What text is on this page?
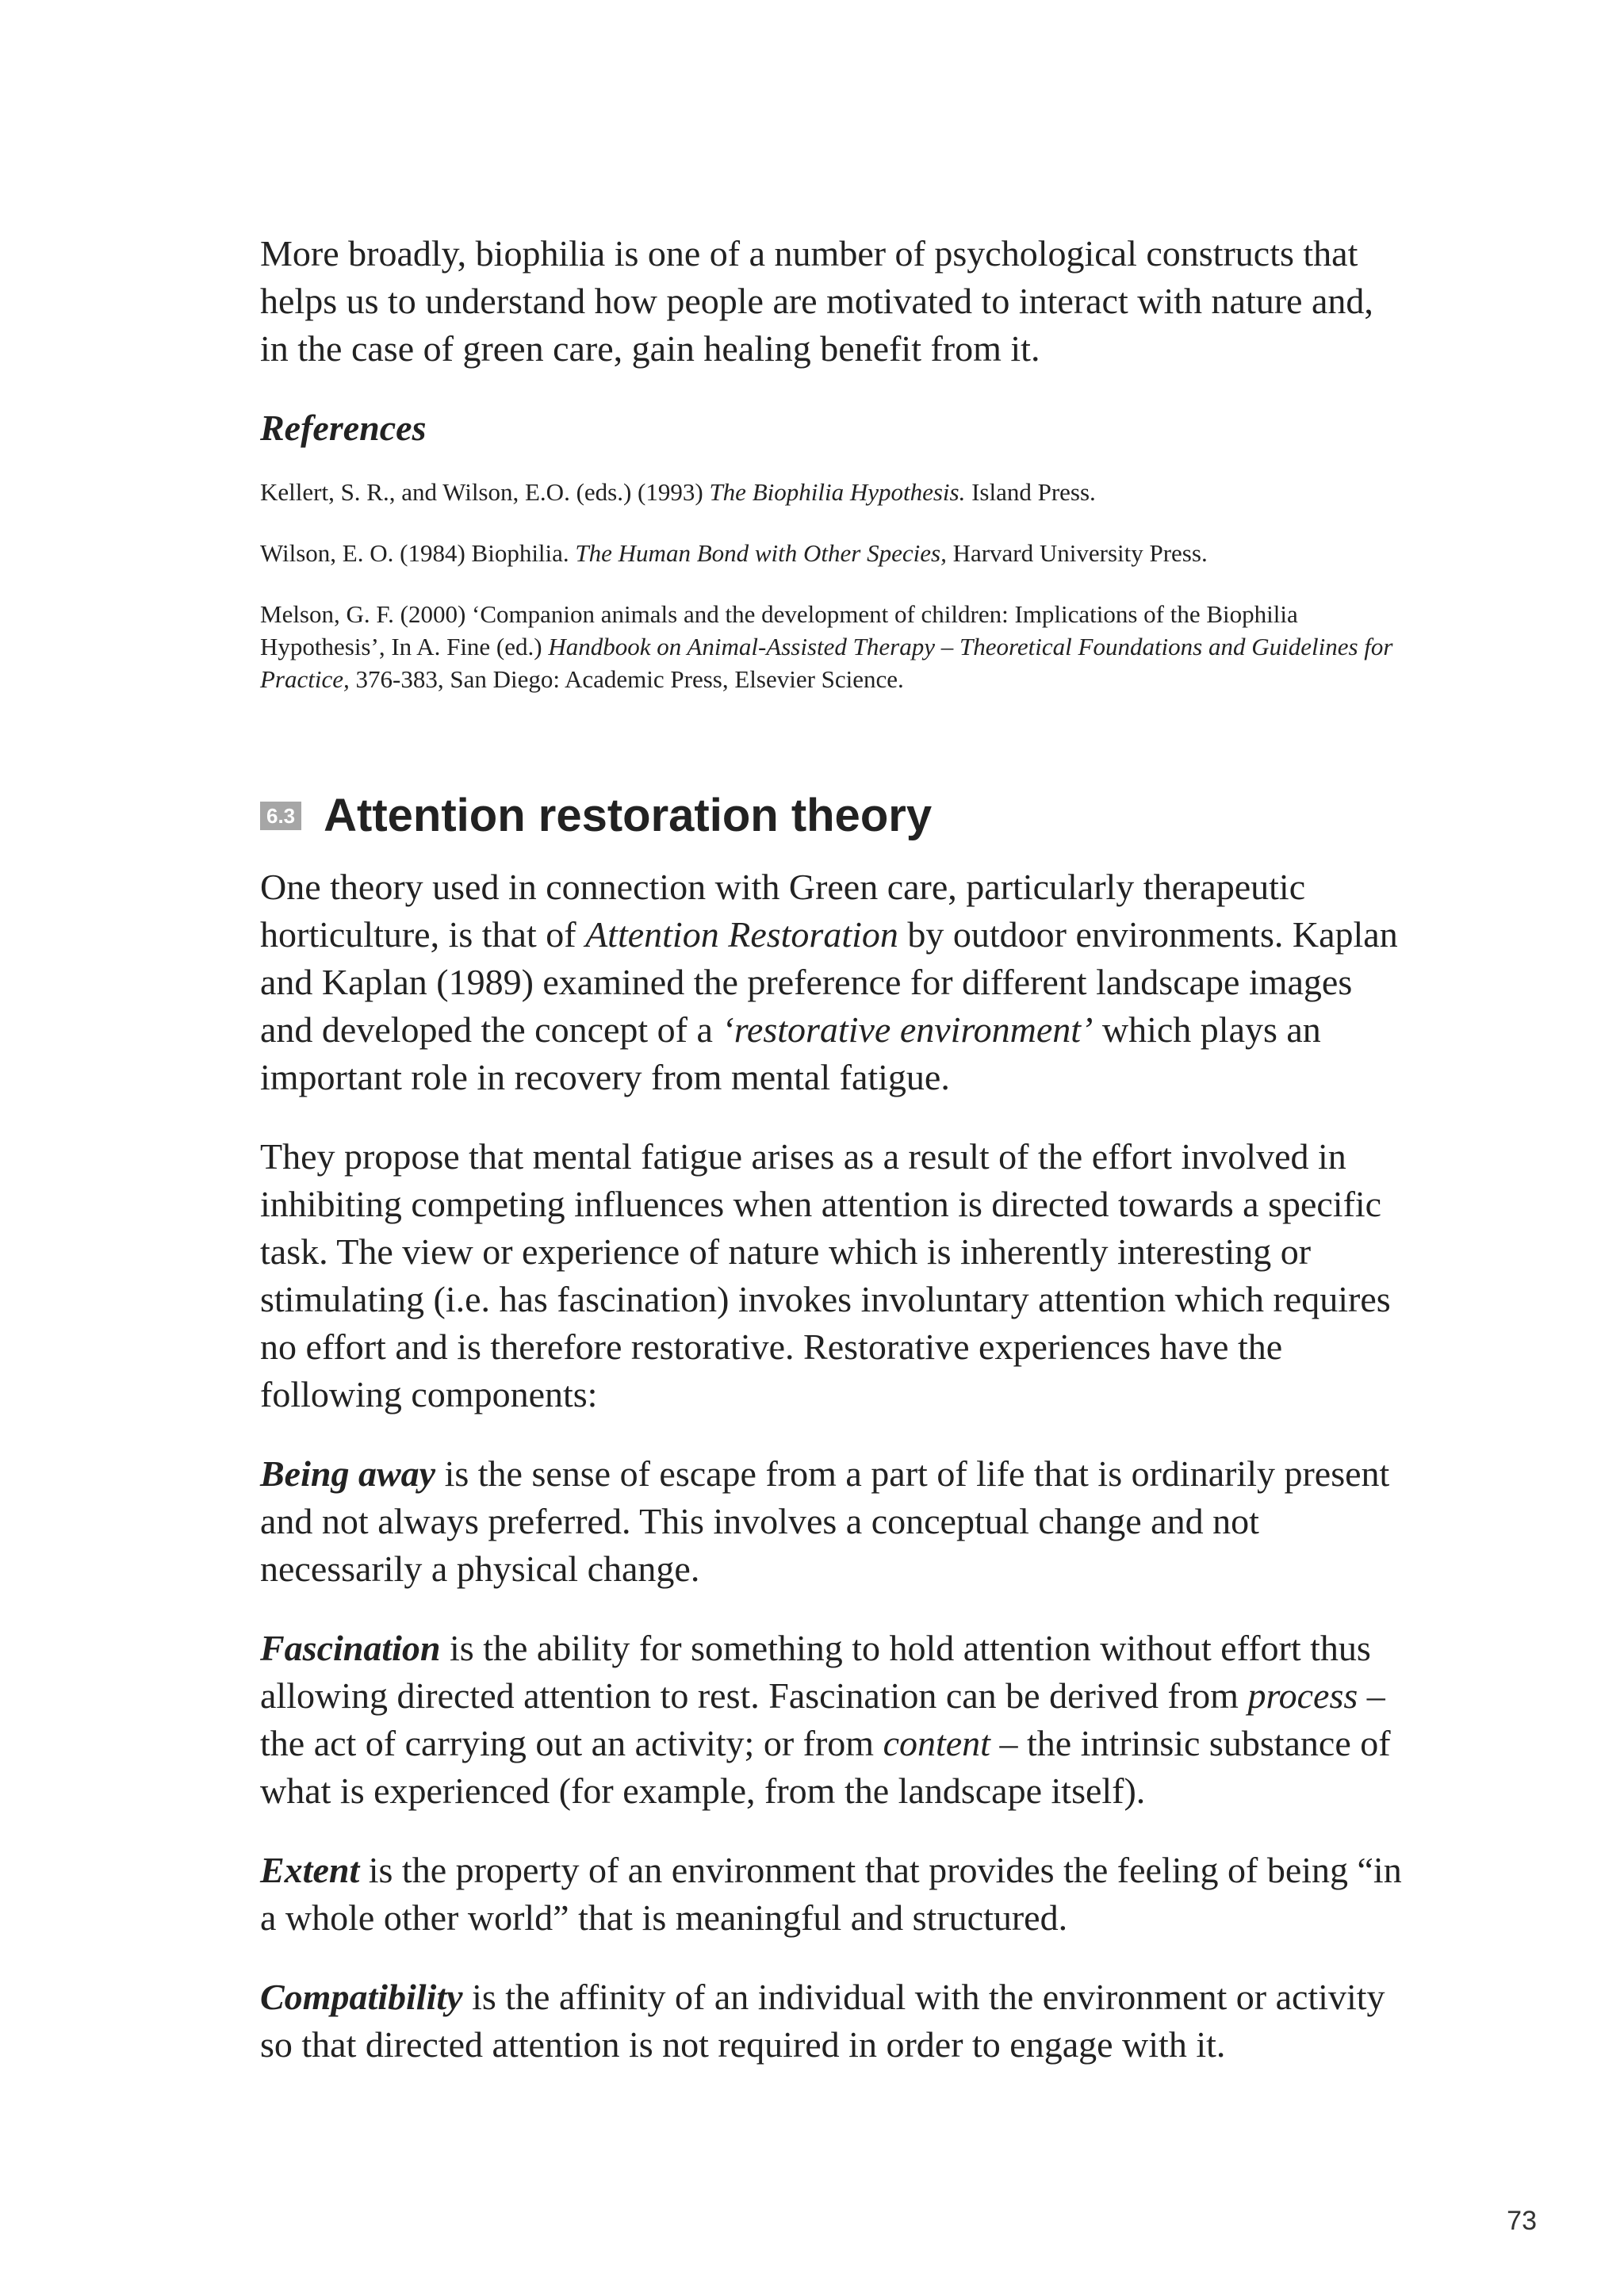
More broadly, biophilia is one of a number of psychological constructs that helps us to understand how people are motivated to interact with nature and, in the case of green care, gain healing benefit from it.

References

Kellert, S. R., and Wilson, E.O. (eds.) (1993) The Biophilia Hypothesis. Island Press.

Wilson, E. O. (1984) Biophilia. The Human Bond with Other Species, Harvard University Press.

Melson, G. F. (2000) ‘Companion animals and the development of children: Implications of the Biophilia Hypothesis’, In A. Fine (ed.) Handbook on Animal-Assisted Therapy – Theoretical Foundations and Guidelines for Practice, 376-383, San Diego: Academic Press, Elsevier Science.

6.3 Attention restoration theory

One theory used in connection with Green care, particularly therapeutic horticulture, is that of Attention Restoration by outdoor environments. Kaplan and Kaplan (1989) examined the preference for different landscape images and developed the concept of a ‘restorative environment’ which plays an important role in recovery from mental fatigue.

They propose that mental fatigue arises as a result of the effort involved in inhibiting competing influences when attention is directed towards a specific task. The view or experience of nature which is inherently interesting or stimulating (i.e. has fascination) invokes involuntary attention which requires no effort and is therefore restorative. Restorative experiences have the following components:

Being away is the sense of escape from a part of life that is ordinarily present and not always preferred. This involves a conceptual change and not necessarily a physical change.

Fascination is the ability for something to hold attention without effort thus allowing directed attention to rest. Fascination can be derived from process – the act of carrying out an activity; or from content – the intrinsic substance of what is experienced (for example, from the landscape itself).

Extent is the property of an environment that provides the feeling of being “in a whole other world” that is meaningful and structured.

Compatibility is the affinity of an individual with the environment or activity so that directed attention is not required in order to engage with it.

73
